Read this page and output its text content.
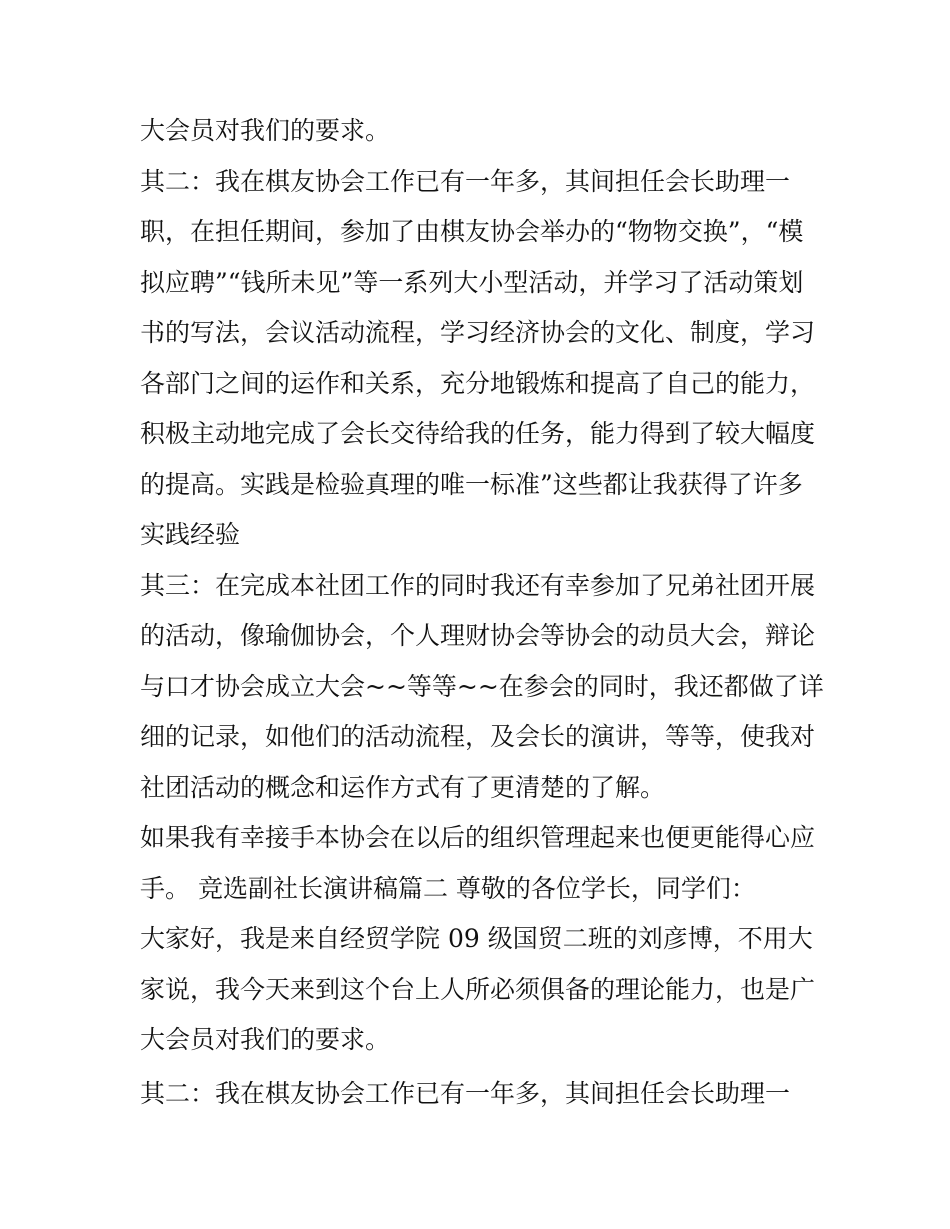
大会员对我们的要求。

其二：我在棋友协会工作已有一年多，其间担任会长助理一

职，在担任期间，参加了由棋友协会举办的“物物交换”，“模

拟应聘”“钱所未见”等一系列大小型活动，并学习了活动策划

书的写法，会议活动流程，学习经济协会的文化、制度，学习

各部门之间的运作和关系，充分地锻炼和提高了自己的能力，

积极主动地完成了会长交待给我的任务，能力得到了较大幅度

的提高。实践是检验真理的唯一标准”这些都让我获得了许多

实践经验

其三：在完成本社团工作的同时我还有幸参加了兄弟社团开展

的活动，像瑜伽协会，个人理财协会等协会的动员大会，辩论

与口才协会成立大会~~等等~~在参会的同时，我还都做了详

细的记录，如他们的活动流程，及会长的演讲，等等，使我对

社团活动的概念和运作方式有了更清楚的了解。

如果我有幸接手本协会在以后的组织管理起来也便更能得心应

手。 竞选副社长演讲稿篇二 尊敬的各位学长，同学们：

大家好，我是来自经贸学院 09 级国贸二班的刘彦博，不用大

家说，我今天来到这个台上人所必须俱备的理论能力，也是广

大会员对我们的要求。

其二：我在棋友协会工作已有一年多，其间担任会长助理一
